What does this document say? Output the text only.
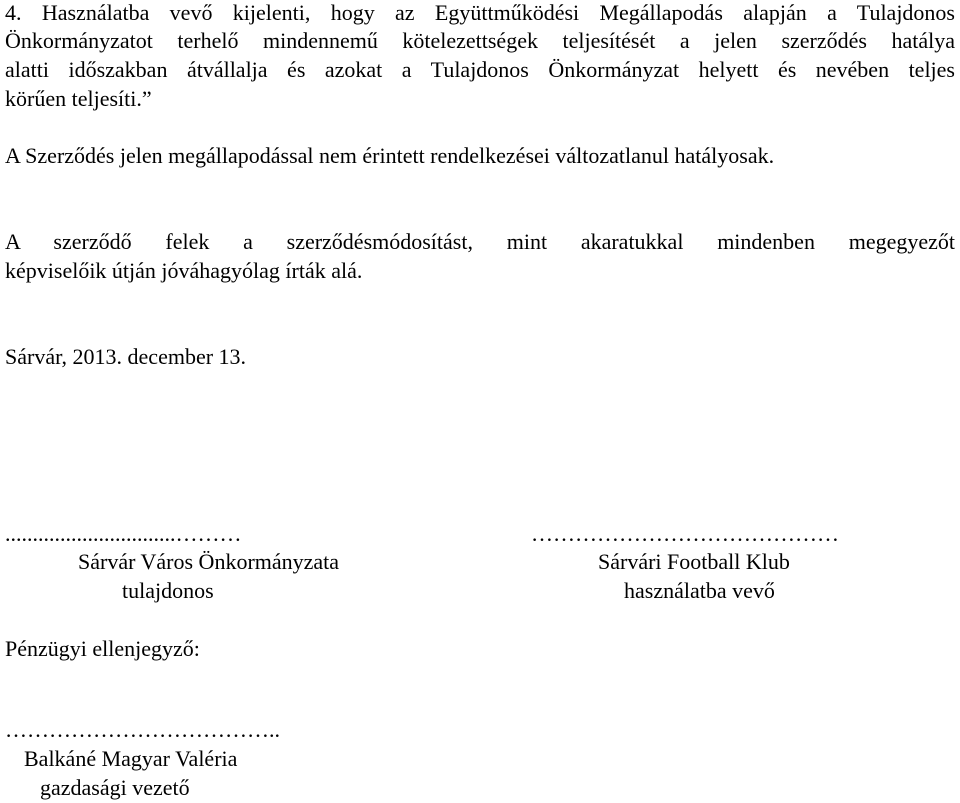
4. Használatba vevő kijelenti, hogy az Együttműködési Megállapodás alapján a Tulajdonos
Önkormányzatot terhelő mindennemű kötelezettségek teljesítését a jelen szerződés hatálya
alatti időszakban átvállalja és azokat a Tulajdonos Önkormányzat helyett és nevében teljes
körűen teljesíti.”
A Szerződés jelen megállapodással nem érintett rendelkezései változatlanul hatályosak.
A szerződő felek a szerződésmódosítást, mint akaratukkal mindenben megegyezőt
képviselőik útján jóváhagyólag írták alá.
Sárvár, 2013. december 13.
...............................………
Sárvár Város Önkormányzata
tulajdonos
……………………………………
Sárvári Football Klub
használatba vevő
Pénzügyi ellenjegyző:
………………………………..
Balkáné Magyar Valéria
gazdasági vezető
